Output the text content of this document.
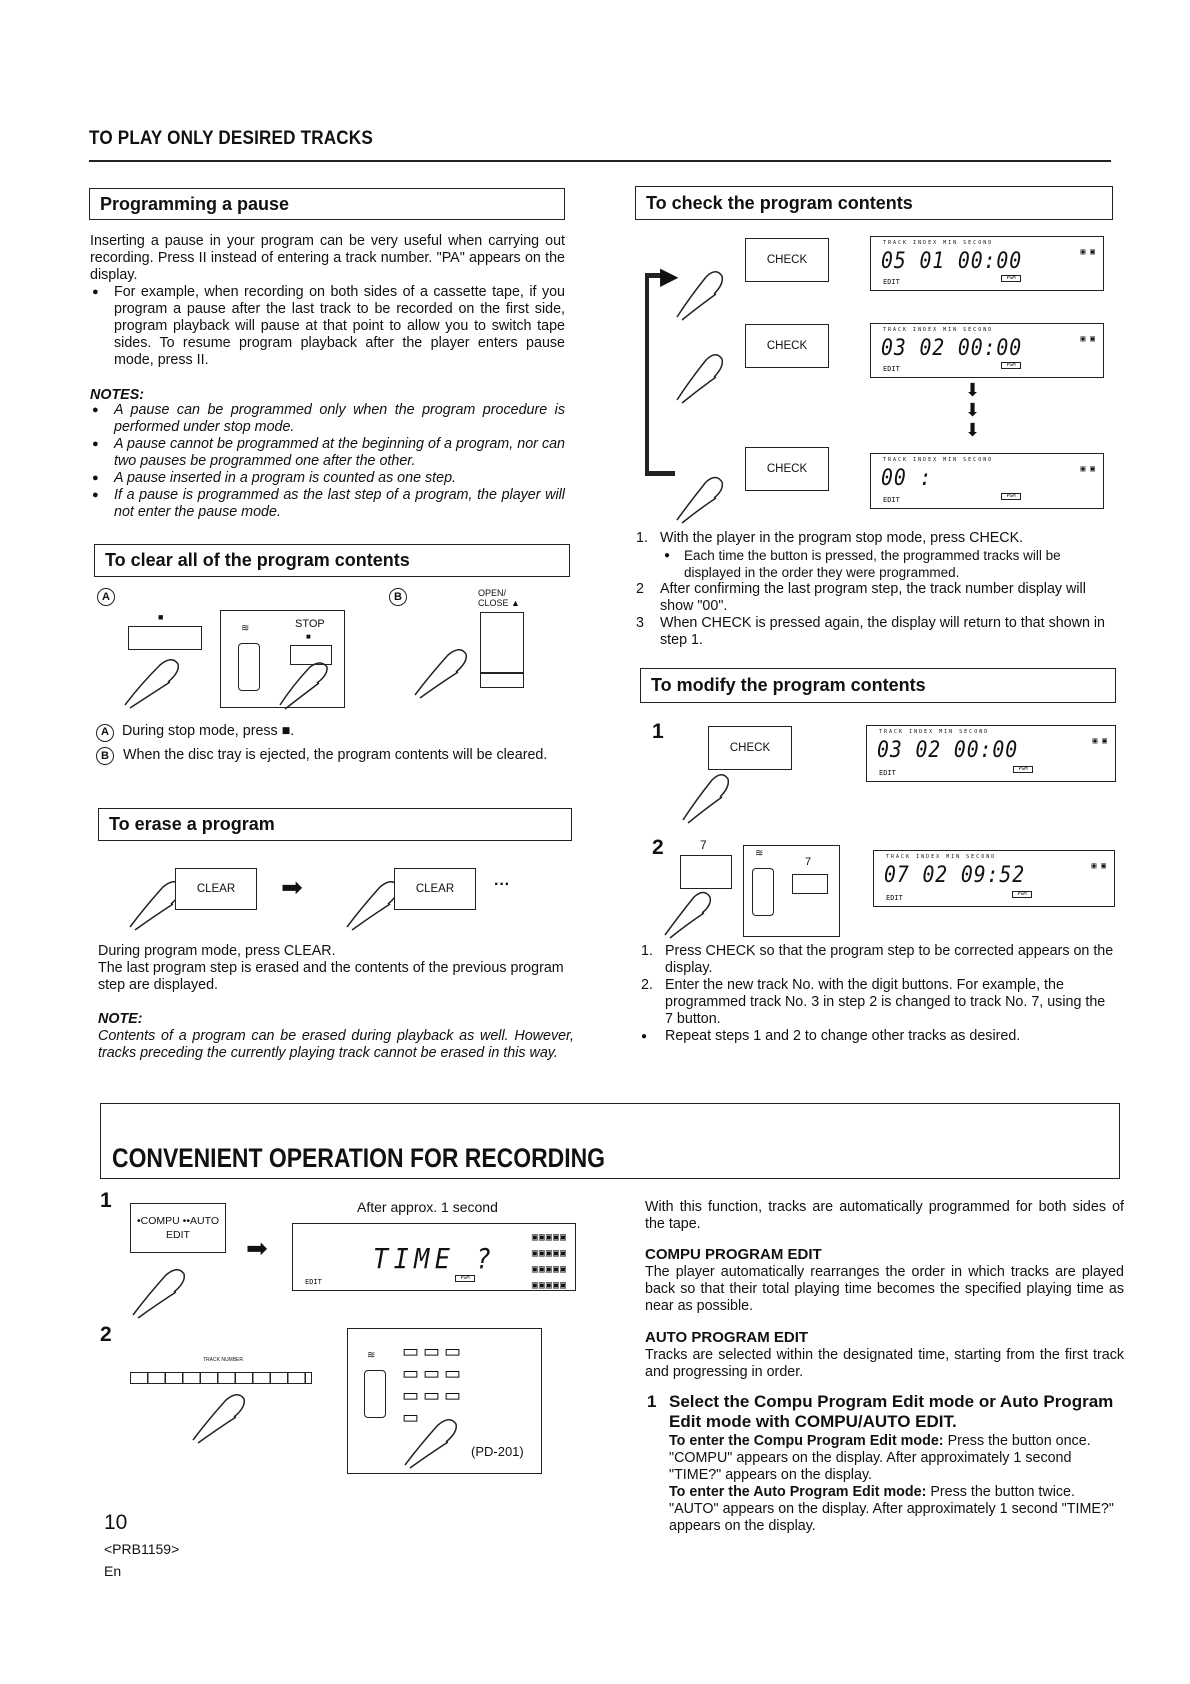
TO PLAY ONLY DESIRED TRACKS
Programming a pause
Inserting a pause in your program can be very useful when carrying out recording. Press II instead of entering a track number. "PA" appears on the display.
● For example, when recording on both sides of a cassette tape, if you program a pause after the last track to be recorded on the first side, program playback will pause at that point to allow you to switch tape sides. To resume program playback after the player enters pause mode, press II.
NOTES:
● A pause can be programmed only when the program procedure is performed under stop mode.
● A pause cannot be programmed at the beginning of a program, nor can two pauses be programmed one after the other.
● A pause inserted in a program is counted as one step.
● If a pause is programmed as the last step of a program, the player will not enter the pause mode.
To clear all of the program contents
A	B
■
STOP
■
≋
OPEN/ CLOSE ▲
A During stop mode, press ■.
B When the disc tray is ejected, the program contents will be cleared.
To erase a program
CLEAR	➡	CLEAR	···
During program mode, press CLEAR.
The last program step is erased and the contents of the previous program step are displayed.
NOTE:
Contents of a program can be erased during playback as well. However, tracks preceding the currently playing track cannot be erased in this way.
To check the program contents
▶
CHECK
TRACK INDEX MIN SECOND
05 01 00:00
EDIT	PGM
▣ ▣
CHECK
TRACK INDEX MIN SECOND
03 02 00:00
EDIT	PGM
▣ ▣
⬇
⬇
⬇
CHECK
TRACK INDEX MIN SECOND
00 :
EDIT	PGM
▣ ▣
1. With the player in the program stop mode, press CHECK.
● Each time the button is pressed, the programmed tracks will be displayed in the order they were programmed.
2 After confirming the last program step, the track number display will show "00".
3 When CHECK is pressed again, the display will return to that shown in step 1.
To modify the program contents
1
CHECK
TRACK INDEX MIN SECOND
03 02 00:00
EDIT	PGM
▣ ▣
2	7
≋
7	TRACK INDEX MIN SECOND
07 02 09:52
EDIT	PGM
▣ ▣
1. Press CHECK so that the program step to be corrected appears on the display.
2. Enter the new track No. with the digit buttons. For example, the programmed track No. 3 in step 2 is changed to track No. 7, using the 7 button.
● Repeat steps 1 and 2 to change other tracks as desired.
CONVENIENT OPERATION FOR RECORDING
1
•COMPU ••AUTO EDIT	➡
After approx. 1 second
TIME ?
EDIT	PGM
▣▣▣▣▣
▣▣▣▣▣
▣▣▣▣▣
▣▣▣▣▣
2
TRACK NUMBER	≋ ▭▭▭
▭▭▭
▭▭▭
▭
(PD-201)
With this function, tracks are automatically programmed for both sides of the tape.
COMPU PROGRAM EDIT
The player automatically rearranges the order in which tracks are played back so that their total playing time becomes the specified playing time as near as possible.
AUTO PROGRAM EDIT
Tracks are selected within the designated time, starting from the first track and progressing in order.
1 Select the Compu Program Edit mode or Auto Program Edit mode with COMPU/AUTO EDIT.
To enter the Compu Program Edit mode: Press the button once. "COMPU" appears on the display. After approximately 1 second "TIME?" appears on the display.
To enter the Auto Program Edit mode: Press the button twice. "AUTO" appears on the display. After approximately 1 second "TIME?" appears on the display.
10
<PRB1159>
En
